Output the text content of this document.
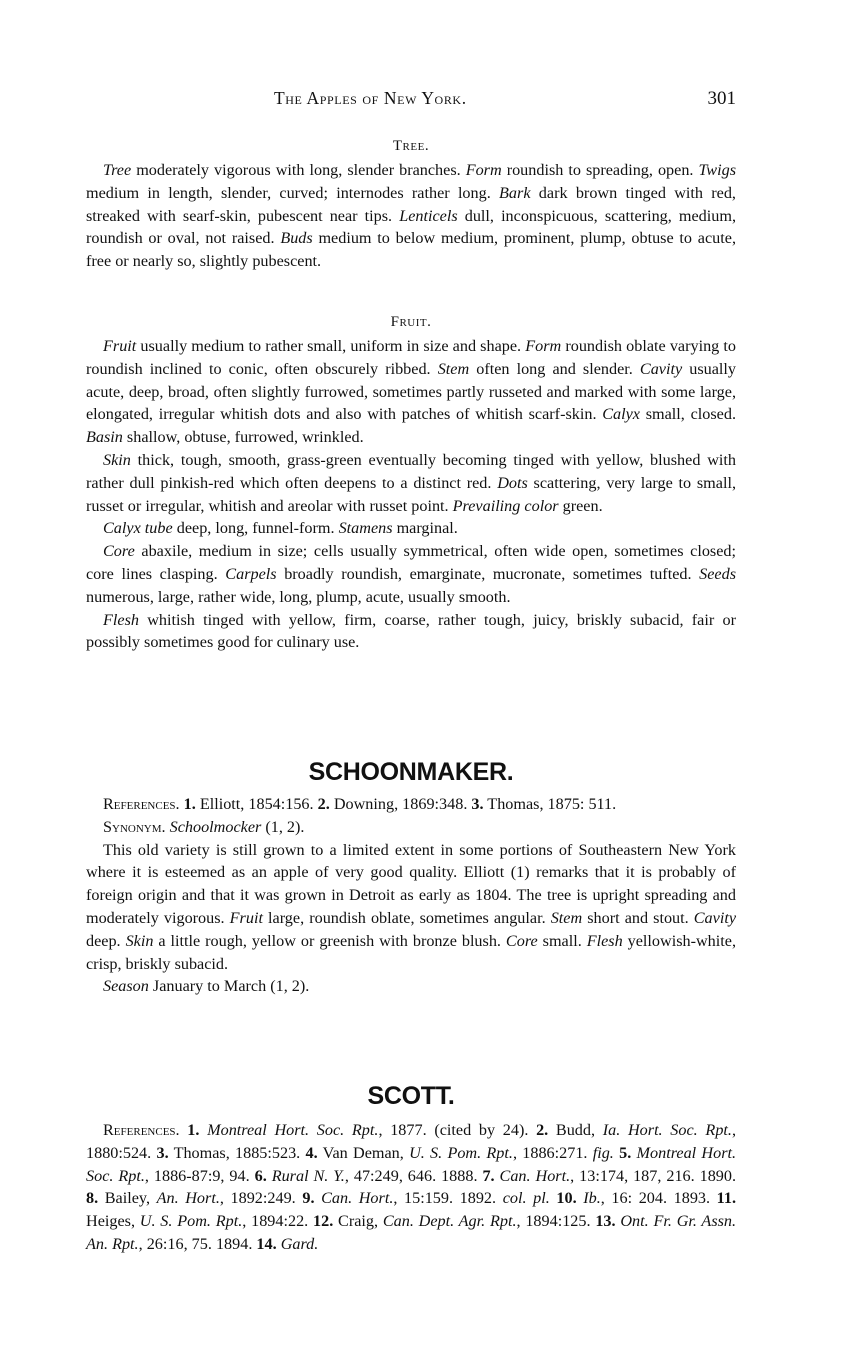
The Apples of New York.	301
Tree.

Tree moderately vigorous with long, slender branches. Form roundish to spreading, open. Twigs medium in length, slender, curved; internodes rather long. Bark dark brown tinged with red, streaked with searf-skin, pubescent near tips. Lenticels dull, inconspicuous, scattering, medium, roundish or oval, not raised. Buds medium to below medium, prominent, plump, obtuse to acute, free or nearly so, slightly pubescent.

Fruit.

Fruit usually medium to rather small, uniform in size and shape. Form roundish oblate varying to roundish inclined to conic, often obscurely ribbed. Stem often long and slender. Cavity usually acute, deep, broad, often slightly furrowed, sometimes partly russeted and marked with some large, elongated, irregular whitish dots and also with patches of whitish scarf-skin. Calyx small, closed. Basin shallow, obtuse, furrowed, wrinkled.

Skin thick, tough, smooth, grass-green eventually becoming tinged with yellow, blushed with rather dull pinkish-red which often deepens to a distinct red. Dots scattering, very large to small, russet or irregular, whitish and areolar with russet point. Prevailing color green.

Calyx tube deep, long, funnel-form. Stamens marginal.

Core abaxile, medium in size; cells usually symmetrical, often wide open, sometimes closed; core lines clasping. Carpels broadly roundish, emarginate, mucronate, sometimes tufted. Seeds numerous, large, rather wide, long, plump, acute, usually smooth.

Flesh whitish tinged with yellow, firm, coarse, rather tough, juicy, briskly subacid, fair or possibly sometimes good for culinary use.

SCHOONMAKER.

References. 1. Elliott, 1854:156. 2. Downing, 1869:348. 3. Thomas, 1875: 511.

Synonym. Schoolmocker (1, 2).

This old variety is still grown to a limited extent in some portions of Southeastern New York where it is esteemed as an apple of very good quality. Elliott (1) remarks that it is probably of foreign origin and that it was grown in Detroit as early as 1804. The tree is upright spreading and moderately vigorous. Fruit large, roundish oblate, sometimes angular. Stem short and stout. Cavity deep. Skin a little rough, yellow or greenish with bronze blush. Core small. Flesh yellowish-white, crisp, briskly subacid.

Season January to March (1, 2).

SCOTT.

References. 1. Montreal Hort. Soc. Rpt., 1877. (cited by 24). 2. Budd, Ia. Hort. Soc. Rpt., 1880:524. 3. Thomas, 1885:523. 4. Van Deman, U. S. Pom. Rpt., 1886:271. fig. 5. Montreal Hort. Soc. Rpt., 1886-87:9, 94. 6. Rural N. Y., 47:249, 646. 1888. 7. Can. Hort., 13:174, 187, 216. 1890. 8. Bailey, An. Hort., 1892:249. 9. Can. Hort., 15:159. 1892. col. pl. 10. Ib., 16: 204. 1893. 11. Heiges, U. S. Pom. Rpt., 1894:22. 12. Craig, Can. Dept. Agr. Rpt., 1894:125. 13. Ont. Fr. Gr. Assn. An. Rpt., 26:16, 75. 1894. 14. Gard.
